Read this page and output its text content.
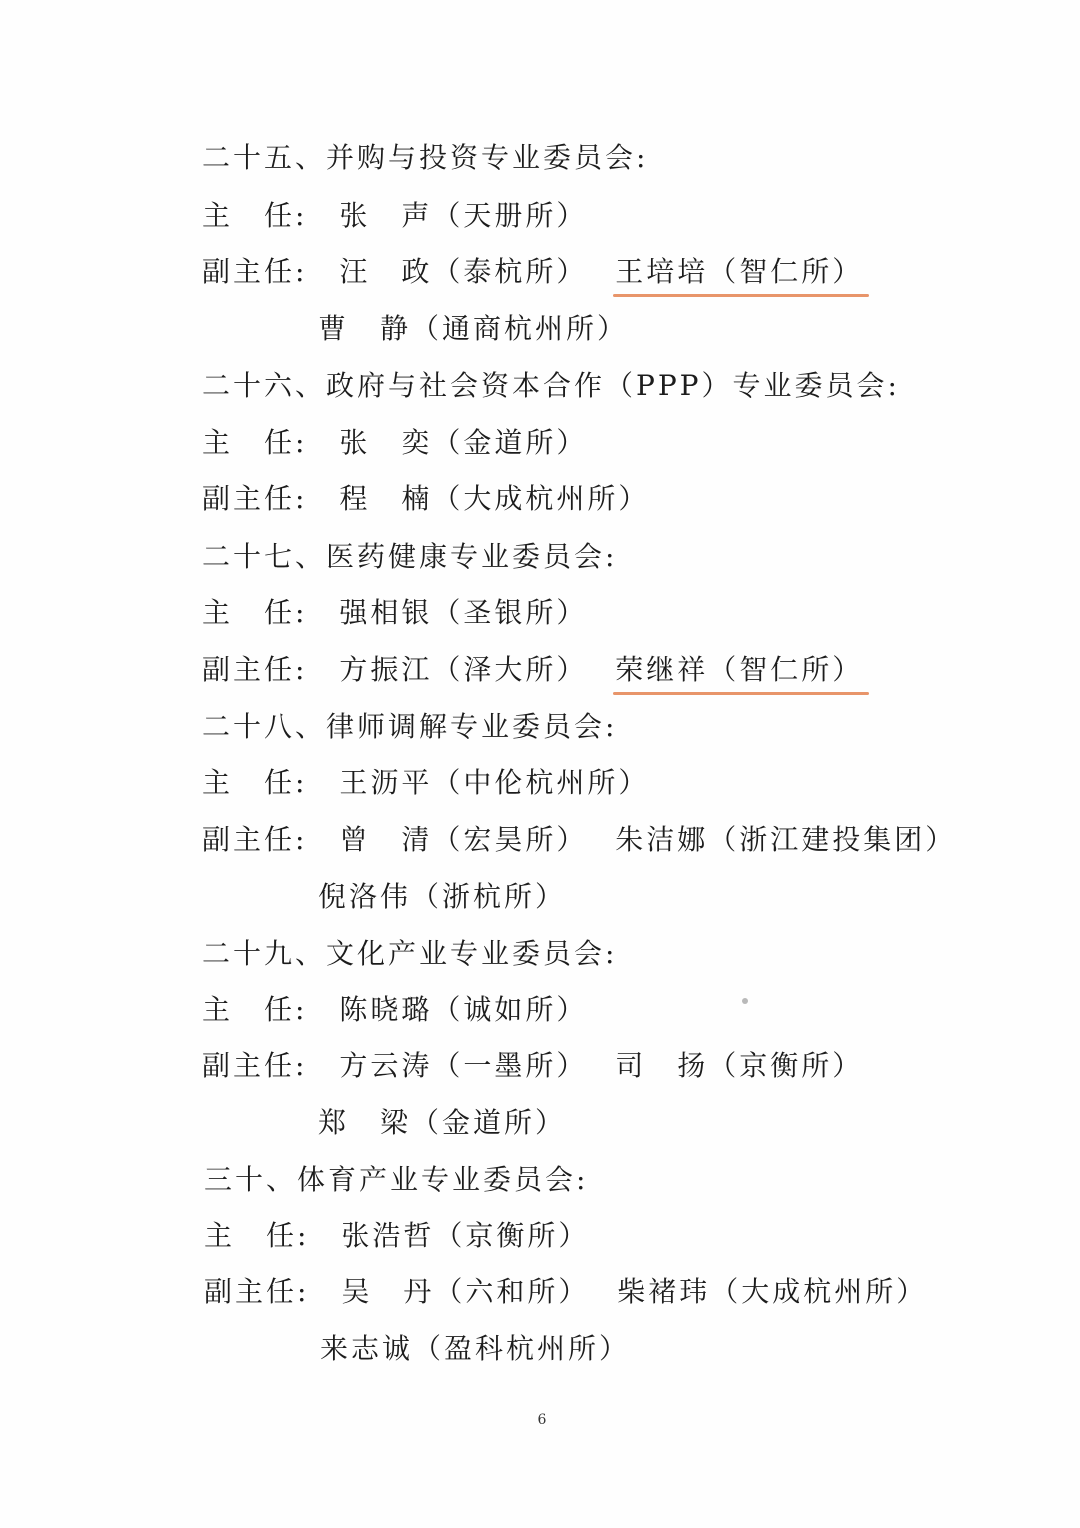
二十五、并购与投资专业委员会:
主　任: 张　声（天册所）
副主任: 汪　政（泰杭所） 王培培（智仁所）
曹　静（通商杭州所）
二十六、政府与社会资本合作（PPP）专业委员会:
主　任: 张　奕（金道所）
副主任: 程　楠（大成杭州所）
二十七、医药健康专业委员会:
主　任: 强相银（圣银所）
副主任: 方振江（泽大所） 荣继祥（智仁所）
二十八、律师调解专业委员会:
主　任: 王沥平（中伦杭州所）
副主任: 曾　清（宏昊所） 朱洁娜（浙江建投集团）
倪洛伟（浙杭所）
二十九、文化产业专业委员会:
主　任: 陈晓璐（诚如所）
副主任: 方云涛（一墨所） 司　扬（京衡所）
郑　梁（金道所）
三十、体育产业专业委员会:
主　任: 张浩哲（京衡所）
副主任: 吴　丹（六和所） 柴褚玮（大成杭州所）
来志诚（盈科杭州所）
6
